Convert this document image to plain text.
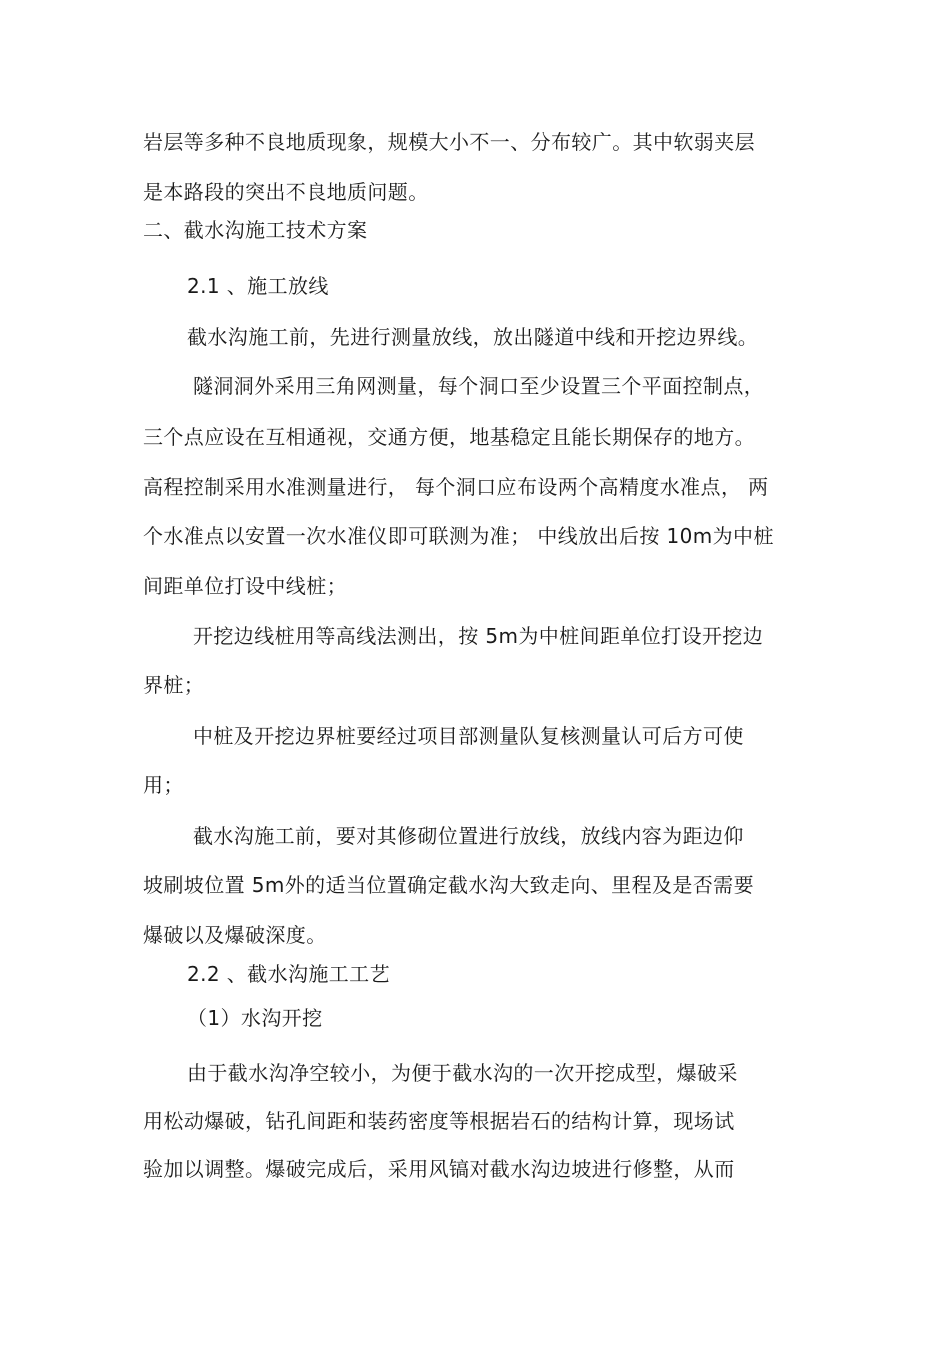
岩层等多种不良地质现象，规模大小不一、分布较广。其中软弱夹层
是本路段的突出不良地质问题。
二、截水沟施工技术方案
2.1 、施工放线
截水沟施工前，先进行测量放线，放出隧道中线和开挖边界线。
隧洞洞外采用三角网测量，每个洞口至少设置三个平面控制点，
三个点应设在互相通视，交通方便，地基稳定且能长期保存的地方。
高程控制采用水准测量进行， 每个洞口应布设两个高精度水准点， 两
个水准点以安置一次水准仪即可联测为准； 中线放出后按 10m为中桩
间距单位打设中线桩；
开挖边线桩用等高线法测出，按 5m为中桩间距单位打设开挖边
界桩；
中桩及开挖边界桩要经过项目部测量队复核测量认可后方可使
用；
截水沟施工前，要对其修砌位置进行放线，放线内容为距边仰
坡刷坡位置 5m外的适当位置确定截水沟大致走向、里程及是否需要
爆破以及爆破深度。
2.2 、截水沟施工工艺
（1）水沟开挖
由于截水沟净空较小，为便于截水沟的一次开挖成型，爆破采
用松动爆破，钻孔间距和装药密度等根据岩石的结构计算，现场试
验加以调整。爆破完成后，采用风镐对截水沟边坡进行修整，从而
